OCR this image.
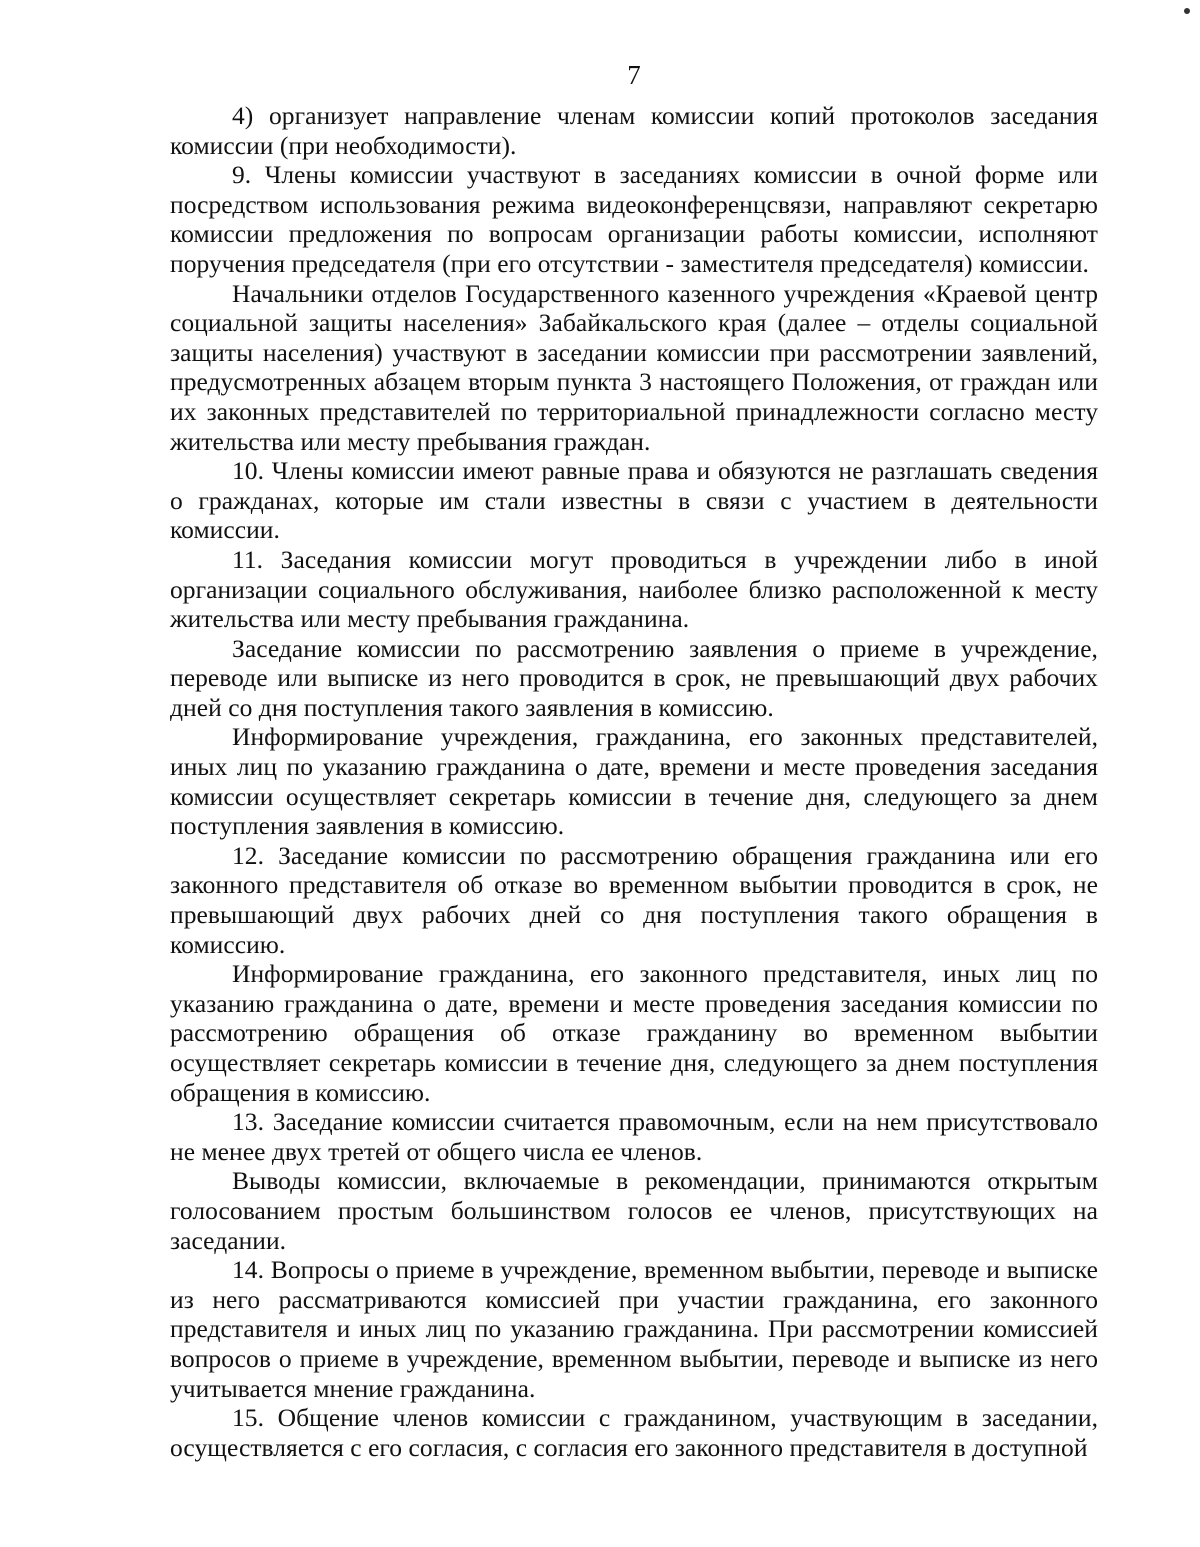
7

4) организует направление членам комиссии копий протоколов заседания комиссии (при необходимости).

9. Члены комиссии участвуют в заседаниях комиссии в очной форме или посредством использования режима видеоконференцсвязи, направляют секретарю комиссии предложения по вопросам организации работы комиссии, исполняют поручения председателя (при его отсутствии - заместителя председателя) комиссии.

Начальники отделов Государственного казенного учреждения «Краевой центр социальной защиты населения» Забайкальского края (далее – отделы социальной защиты населения) участвуют в заседании комиссии при рассмотрении заявлений, предусмотренных абзацем вторым пункта 3 настоящего Положения, от граждан или их законных представителей по территориальной принадлежности согласно месту жительства или месту пребывания граждан.

10. Члены комиссии имеют равные права и обязуются не разглашать сведения о гражданах, которые им стали известны в связи с участием в деятельности комиссии.

11. Заседания комиссии могут проводиться в учреждении либо в иной организации социального обслуживания, наиболее близко расположенной к месту жительства или месту пребывания гражданина.

Заседание комиссии по рассмотрению заявления о приеме в учреждение, переводе или выписке из него проводится в срок, не превышающий двух рабочих дней со дня поступления такого заявления в комиссию.

Информирование учреждения, гражданина, его законных представителей, иных лиц по указанию гражданина о дате, времени и месте проведения заседания комиссии осуществляет секретарь комиссии в течение дня, следующего за днем поступления заявления в комиссию.

12. Заседание комиссии по рассмотрению обращения гражданина или его законного представителя об отказе во временном выбытии проводится в срок, не превышающий двух рабочих дней со дня поступления такого обращения в комиссию.

Информирование гражданина, его законного представителя, иных лиц по указанию гражданина о дате, времени и месте проведения заседания комиссии по рассмотрению обращения об отказе гражданину во временном выбытии осуществляет секретарь комиссии в течение дня, следующего за днем поступления обращения в комиссию.

13. Заседание комиссии считается правомочным, если на нем присутствовало не менее двух третей от общего числа ее членов.

Выводы комиссии, включаемые в рекомендации, принимаются открытым голосованием простым большинством голосов ее членов, присутствующих на заседании.

14. Вопросы о приеме в учреждение, временном выбытии, переводе и выписке из него рассматриваются комиссией при участии гражданина, его законного представителя и иных лиц по указанию гражданина. При рассмотрении комиссией вопросов о приеме в учреждение, временном выбытии, переводе и выписке из него учитывается мнение гражданина.

15. Общение членов комиссии с гражданином, участвующим в заседании, осуществляется с его согласия, с согласия его законного представителя в доступной
